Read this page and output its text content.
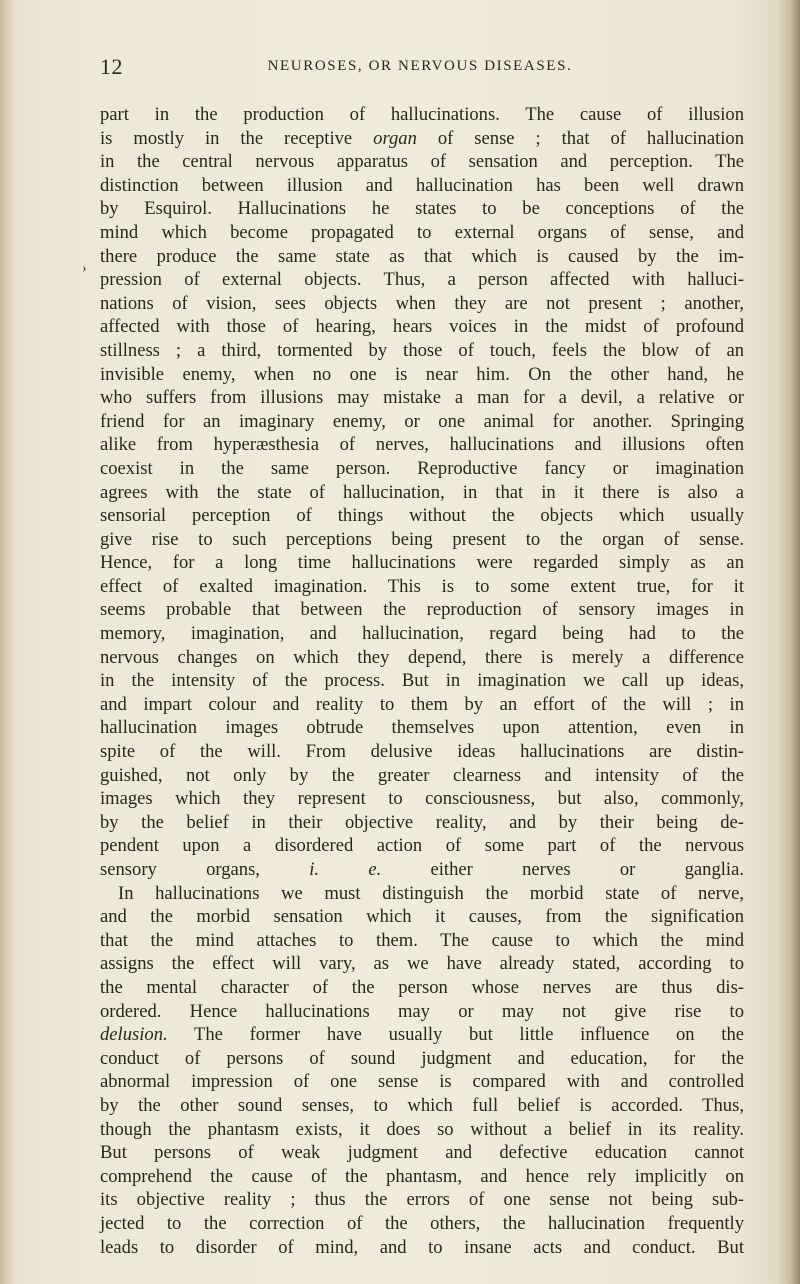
12	NEUROSES, OR NERVOUS DISEASES.
›
part in the production of hallucinations. The cause of illusion
is mostly in the receptive organ of sense ; that of hallucination
in the central nervous apparatus of sensation and perception. The
distinction between illusion and hallucination has been well drawn
by Esquirol. Hallucinations he states to be conceptions of the
mind which become propagated to external organs of sense, and
there produce the same state as that which is caused by the im-
pression of external objects. Thus, a person affected with halluci-
nations of vision, sees objects when they are not present ; another,
affected with those of hearing, hears voices in the midst of profound
stillness ; a third, tormented by those of touch, feels the blow of an
invisible enemy, when no one is near him. On the other hand, he
who suffers from illusions may mistake a man for a devil, a relative or
friend for an imaginary enemy, or one animal for another. Springing
alike from hyperæsthesia of nerves, hallucinations and illusions often
coexist in the same person. Reproductive fancy or imagination
agrees with the state of hallucination, in that in it there is also a
sensorial perception of things without the objects which usually
give rise to such perceptions being present to the organ of sense.
Hence, for a long time hallucinations were regarded simply as an
effect of exalted imagination. This is to some extent true, for it
seems probable that between the reproduction of sensory images in
memory, imagination, and hallucination, regard being had to the
nervous changes on which they depend, there is merely a difference
in the intensity of the process. But in imagination we call up ideas,
and impart colour and reality to them by an effort of the will ; in
hallucination images obtrude themselves upon attention, even in
spite of the will. From delusive ideas hallucinations are distin-
guished, not only by the greater clearness and intensity of the
images which they represent to consciousness, but also, commonly,
by the belief in their objective reality, and by their being de-
pendent upon a disordered action of some part of the nervous
sensory organs, i. e. either nerves or ganglia.
In hallucinations we must distinguish the morbid state of nerve,
and the morbid sensation which it causes, from the signification
that the mind attaches to them. The cause to which the mind
assigns the effect will vary, as we have already stated, according to
the mental character of the person whose nerves are thus dis-
ordered. Hence hallucinations may or may not give rise to
delusion. The former have usually but little influence on the
conduct of persons of sound judgment and education, for the
abnormal impression of one sense is compared with and controlled
by the other sound senses, to which full belief is accorded. Thus,
though the phantasm exists, it does so without a belief in its reality.
But persons of weak judgment and defective education cannot
comprehend the cause of the phantasm, and hence rely implicitly on
its objective reality ; thus the errors of one sense not being sub-
jected to the correction of the others, the hallucination frequently
leads to disorder of mind, and to insane acts and conduct. But
